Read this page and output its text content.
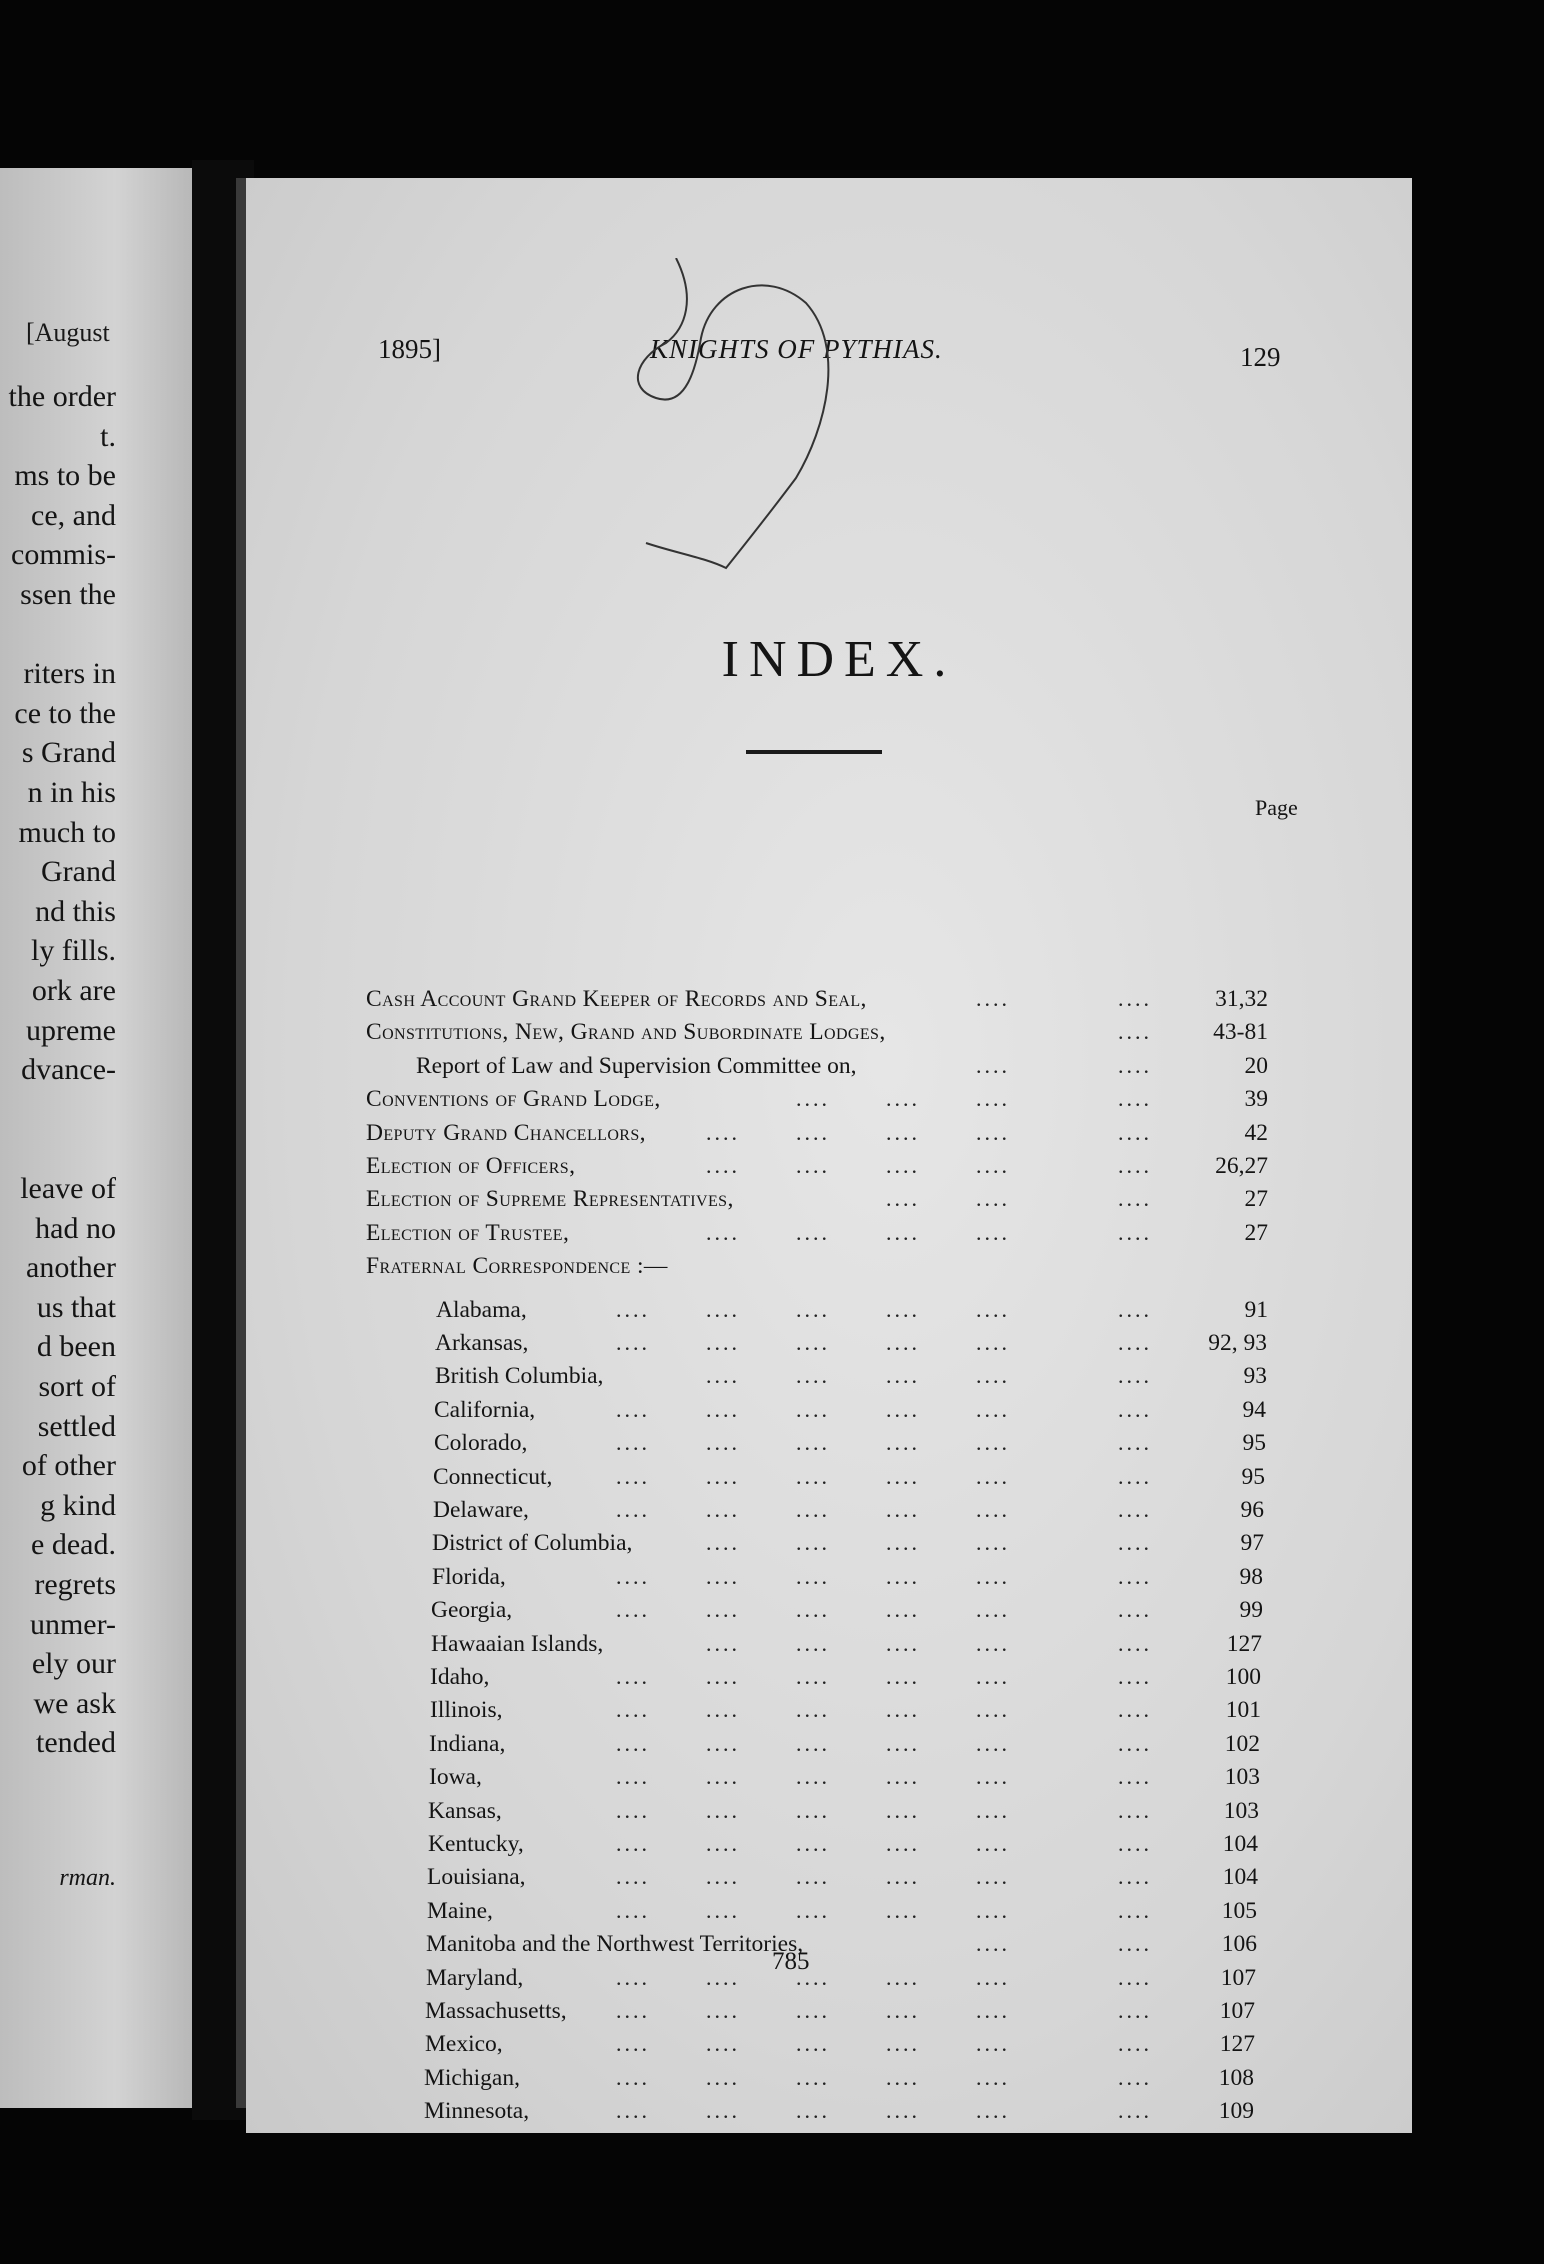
[August
the order
t.
ms to be
ce, and
commis-
ssen the
riters in
ce to the
s Grand
n in his
much to
Grand
nd this
ly fills.
ork are
upreme
dvance-
leave of
had no
another
us that
d been
sort of
settled
of other
g kind
e dead.
regrets
unmer-
ely our
we ask
tended
rman.
1895]	KNIGHTS OF PYTHIAS.	129
INDEX.
Page
Cash Account Grand Keeper of Records and Seal,	....	....	31,32
Constitutions, New, Grand and Subordinate Lodges,	....	43-81
Report of Law and Supervision Committee on,	....	....	20
Conventions of Grand Lodge,	....	....	....	....	39
Deputy Grand Chancellors,	....	....	....	....	....	42
Election of Officers,	....	....	....	....	....	26,27
Election of Supreme Representatives,	....	....	....	27
Election of Trustee,	....	....	....	....	....	27
Fraternal Correspondence :—
Alabama,	....	....	....	....	....	....	91
Arkansas,	....	....	....	....	....	....	92, 93
British Columbia,	....	....	....	....	....	93
California,	....	....	....	....	....	....	94
Colorado,	....	....	....	....	....	....	95
Connecticut,	....	....	....	....	....	....	95
Delaware,	....	....	....	....	....	....	96
District of Columbia,	....	....	....	....	....	97
Florida,	....	....	....	....	....	....	98
Georgia,	....	....	....	....	....	....	99
Hawaaian Islands,	....	....	....	....	....	127
Idaho,	....	....	....	....	....	....	100
Illinois,	....	....	....	....	....	....	101
Indiana,	....	....	....	....	....	....	102
Iowa,	....	....	....	....	....	....	103
Kansas,	....	....	....	....	....	....	103
Kentucky,	....	....	....	....	....	....	104
Louisiana,	....	....	....	....	....	....	104
Maine,	....	....	....	....	....	....	105
Manitoba and the Northwest Territories,	....	....	106
Maryland,	....	....	....	....	....	....	107
Massachusetts, ....	....	....	....	....	....	107
Mexico,	....	....	....	....	....	....	127
Michigan,	....	....	....	....	....	....	108
Minnesota,	....	....	....	....	....	....	109
785
